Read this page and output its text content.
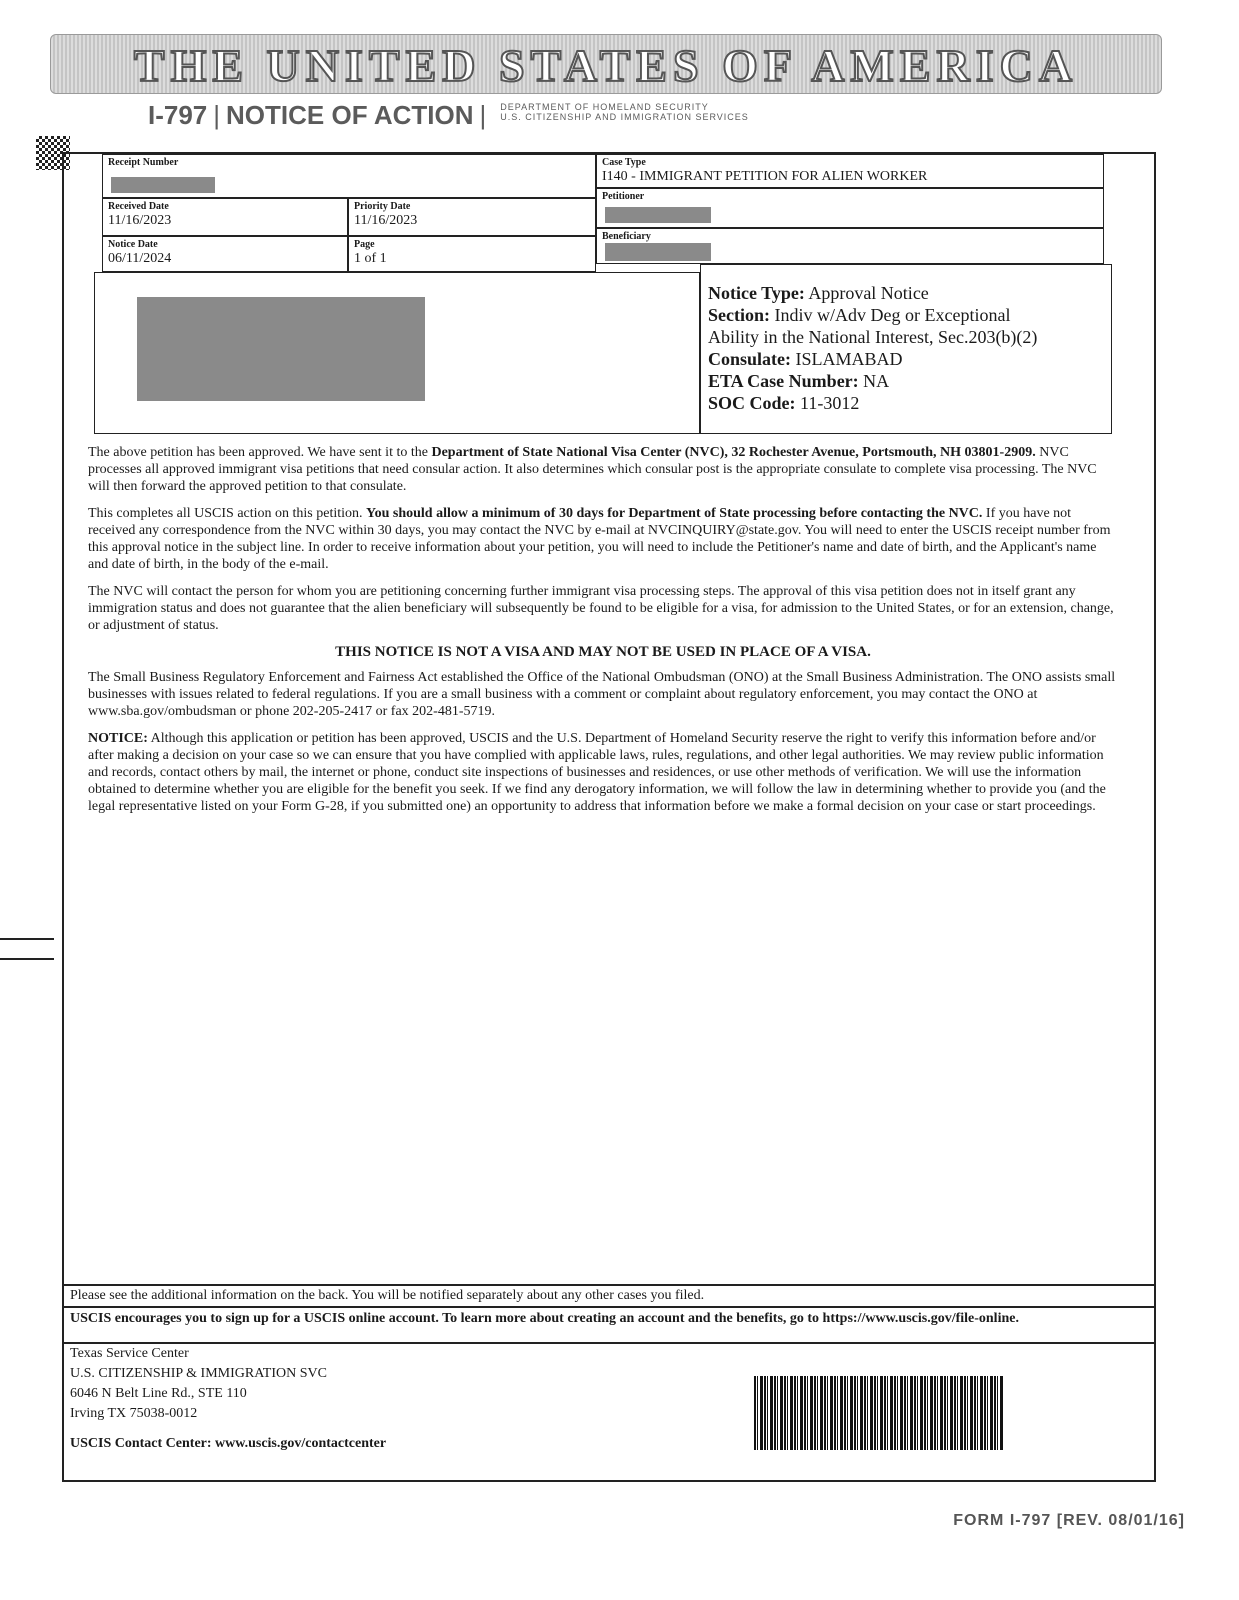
THE UNITED STATES OF AMERICA
I-797 | NOTICE OF ACTION | DEPARTMENT OF HOMELAND SECURITY
U.S. CITIZENSHIP AND IMMIGRATION SERVICES
Receipt Number	Case Type
I140 - IMMIGRANT PETITION FOR ALIEN WORKER
Received Date
11/16/2023
Priority Date
11/16/2023
Petitioner
Notice Date
06/11/2024
Page
1 of 1
Beneficiary
Notice Type: Approval Notice
Section: Indiv w/Adv Deg or Exceptional
Ability in the National Interest, Sec.203(b)(2)
Consulate: ISLAMABAD
ETA Case Number: NA
SOC Code: 11-3012

The above petition has been approved. We have sent it to the Department of State National Visa Center (NVC), 32 Rochester Avenue, Portsmouth, NH 03801-2909. NVC processes all approved immigrant visa petitions that need consular action. It also determines which consular post is the appropriate consulate to complete visa processing. The NVC will then forward the approved petition to that consulate.

This completes all USCIS action on this petition. You should allow a minimum of 30 days for Department of State processing before contacting the NVC. If you have not received any correspondence from the NVC within 30 days, you may contact the NVC by e-mail at NVCINQUIRY@state.gov. You will need to enter the USCIS receipt number from this approval notice in the subject line. In order to receive information about your petition, you will need to include the Petitioner's name and date of birth, and the Applicant's name and date of birth, in the body of the e-mail.

The NVC will contact the person for whom you are petitioning concerning further immigrant visa processing steps. The approval of this visa petition does not in itself grant any immigration status and does not guarantee that the alien beneficiary will subsequently be found to be eligible for a visa, for admission to the United States, or for an extension, change, or adjustment of status.

THIS NOTICE IS NOT A VISA AND MAY NOT BE USED IN PLACE OF A VISA.

The Small Business Regulatory Enforcement and Fairness Act established the Office of the National Ombudsman (ONO) at the Small Business Administration. The ONO assists small businesses with issues related to federal regulations. If you are a small business with a comment or complaint about regulatory enforcement, you may contact the ONO at www.sba.gov/ombudsman or phone 202-205-2417 or fax 202-481-5719.

NOTICE: Although this application or petition has been approved, USCIS and the U.S. Department of Homeland Security reserve the right to verify this information before and/or after making a decision on your case so we can ensure that you have complied with applicable laws, rules, regulations, and other legal authorities. We may review public information and records, contact others by mail, the internet or phone, conduct site inspections of businesses and residences, or use other methods of verification. We will use the information obtained to determine whether you are eligible for the benefit you seek. If we find any derogatory information, we will follow the law in determining whether to provide you (and the legal representative listed on your Form G-28, if you submitted one) an opportunity to address that information before we make a formal decision on your case or start proceedings.

Please see the additional information on the back. You will be notified separately about any other cases you filed.
USCIS encourages you to sign up for a USCIS online account. To learn more about creating an account and the benefits, go to https://www.uscis.gov/file-online.
Texas Service Center
U.S. CITIZENSHIP & IMMIGRATION SVC
6046 N Belt Line Rd., STE 110
Irving TX 75038-0012
USCIS Contact Center: www.uscis.gov/contactcenter
FORM I-797 [REV. 08/01/16]
